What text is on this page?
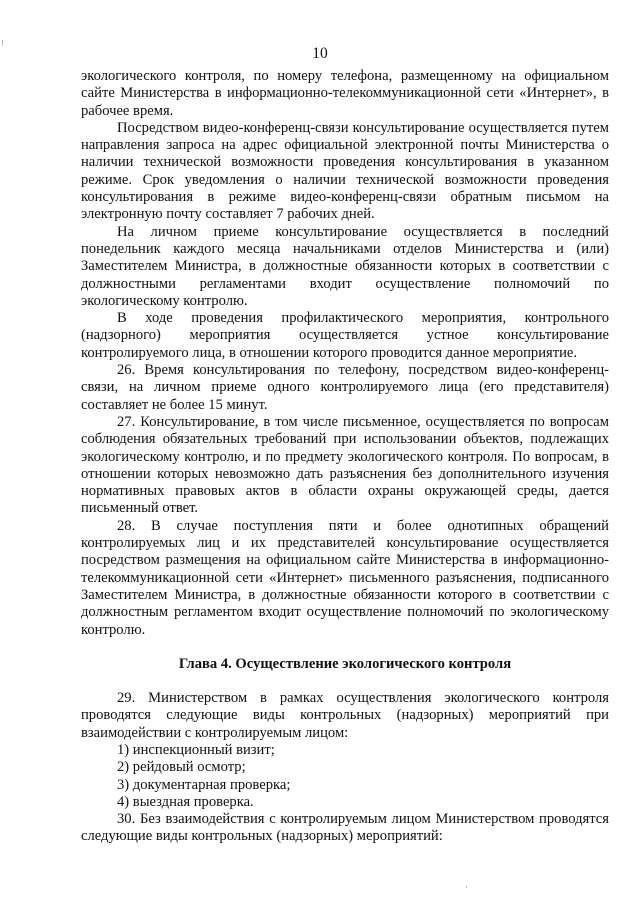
10

экологического контроля, по номеру телефона, размещенному на официальном сайте Министерства в информационно-телекоммуникационной сети «Интернет», в рабочее время.

Посредством видео-конференц-связи консультирование осуществляется путем направления запроса на адрес официальной электронной почты Министерства о наличии технической возможности проведения консультирования в указанном режиме. Срок уведомления о наличии технической возможности проведения консультирования в режиме видео-конференц-связи обратным письмом на электронную почту составляет 7 рабочих дней.

На личном приеме консультирование осуществляется в последний понедельник каждого месяца начальниками отделов Министерства и (или) Заместителем Министра, в должностные обязанности которых в соответствии с должностными регламентами входит осуществление полномочий по экологическому контролю.

В ходе проведения профилактического мероприятия, контрольного (надзорного) мероприятия осуществляется устное консультирование контролируемого лица, в отношении которого проводится данное мероприятие.

26. Время консультирования по телефону, посредством видео-конференц-связи, на личном приеме одного контролируемого лица (его представителя) составляет не более 15 минут.

27. Консультирование, в том числе письменное, осуществляется по вопросам соблюдения обязательных требований при использовании объектов, подлежащих экологическому контролю, и по предмету экологического контроля. По вопросам, в отношении которых невозможно дать разъяснения без дополнительного изучения нормативных правовых актов в области охраны окружающей среды, дается письменный ответ.

28. В случае поступления пяти и более однотипных обращений контролируемых лиц и их представителей консультирование осуществляется посредством размещения на официальном сайте Министерства в информационно-телекоммуникационной сети «Интернет» письменного разъяснения, подписанного Заместителем Министра, в должностные обязанности которого в соответствии с должностным регламентом входит осуществление полномочий по экологическому контролю.

Глава 4. Осуществление экологического контроля

29. Министерством в рамках осуществления экологического контроля проводятся следующие виды контрольных (надзорных) мероприятий при взаимодействии с контролируемым лицом:

1) инспекционный визит;
2) рейдовый осмотр;
3) документарная проверка;
4) выездная проверка.

30. Без взаимодействия с контролируемым лицом Министерством проводятся следующие виды контрольных (надзорных) мероприятий:
